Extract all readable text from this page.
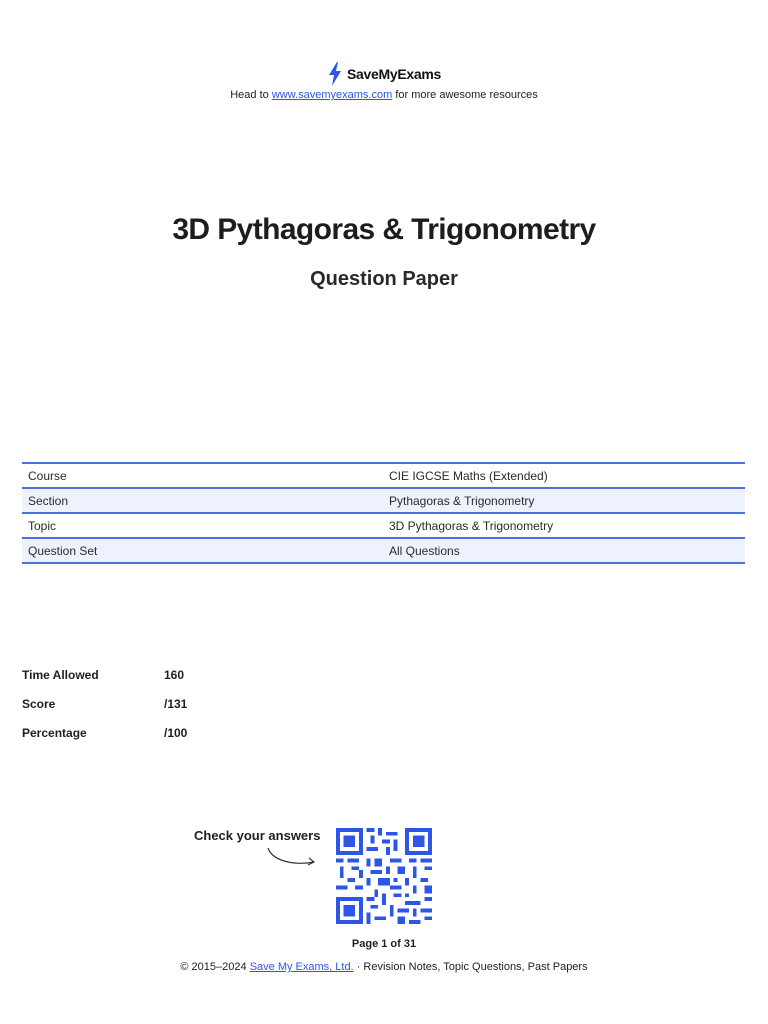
SaveMyExams
Head to www.savemyexams.com for more awesome resources
3D Pythagoras & Trigonometry
Question Paper
Course	CIE IGCSE Maths (Extended)
Section	Pythagoras & Trigonometry
Topic	3D Pythagoras & Trigonometry
Question Set	All Questions
Time Allowed	160
Score	/131
Percentage	/100
Check your answers
Page 1 of 31
© 2015–2024 Save My Exams, Ltd. · Revision Notes, Topic Questions, Past Papers
